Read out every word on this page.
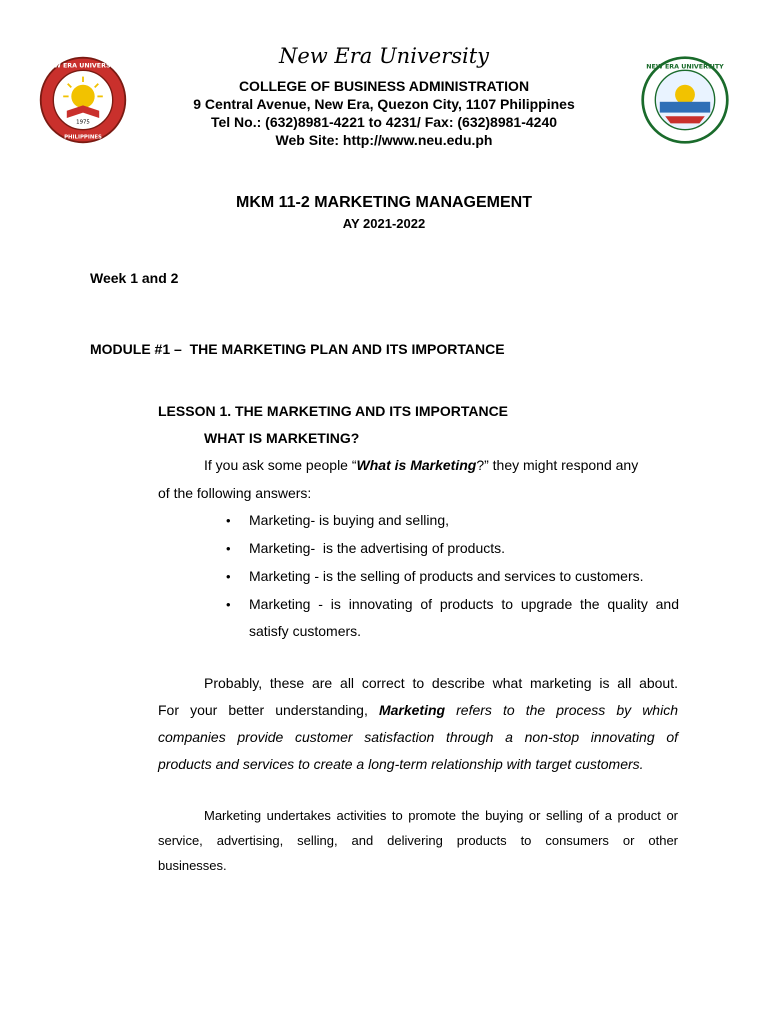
New Era University
COLLEGE OF BUSINESS ADMINISTRATION
9 Central Avenue, New Era, Quezon City, 1107 Philippines
Tel No.: (632)8981-4221 to 4231/ Fax: (632)8981-4240
Web Site: http://www.neu.edu.ph
1975
NEW ERA UNIVERSITY
PHILIPPINES
NEW ERA UNIVERSITY
MKM 11-2 MARKETING MANAGEMENT
AY 2021-2022
Week 1 and 2
MODULE #1 –  THE MARKETING PLAN AND ITS IMPORTANCE
LESSON 1. THE MARKETING AND ITS IMPORTANCE
WHAT IS MARKETING?
If you ask some people “What is Marketing?” they might respond any
of the following answers:
• Marketing- is buying and selling,
• Marketing-  is the advertising of products.
• Marketing - is the selling of products and services to customers.
• Marketing - is innovating of products to upgrade the quality and
satisfy customers.
Probably, these are all correct to describe what marketing is all about.
For your better understanding, Marketing refers to the process by which
companies provide customer satisfaction through a non-stop innovating of
products and services to create a long-term relationship with target customers.
Marketing undertakes activities to promote the buying or selling of a product or
service, advertising, selling, and delivering products to consumers or other
businesses.
